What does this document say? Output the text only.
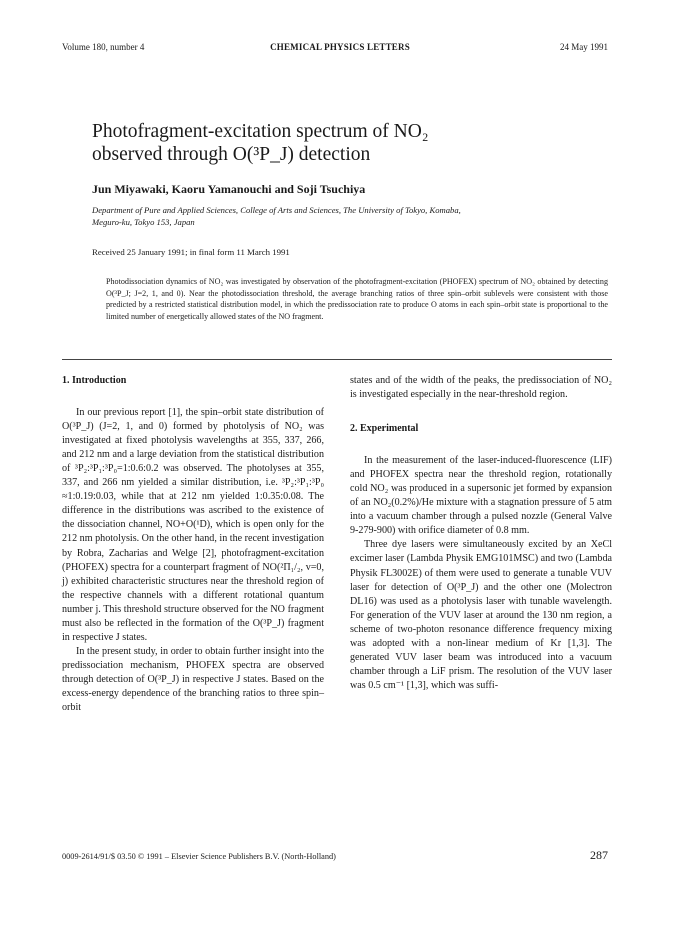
Volume 180, number 4	CHEMICAL PHYSICS LETTERS	24 May 1991
Photofragment-excitation spectrum of NO₂
observed through O(³P_J) detection
Jun Miyawaki, Kaoru Yamanouchi and Soji Tsuchiya
Department of Pure and Applied Sciences, College of Arts and Sciences, The University of Tokyo, Komaba,
Meguro-ku, Tokyo 153, Japan
Received 25 January 1991; in final form 11 March 1991
Photodissociation dynamics of NO₂ was investigated by observation of the photofragment-excitation (PHOFEX) spectrum of NO₂ obtained by detecting O(³P_J; J=2, 1, and 0). Near the photodissociation threshold, the average branching ratios of three spin–orbit sublevels were consistent with those predicted by a restricted statistical distribution model, in which the predissociation rate to produce O atoms in each spin–orbit state is proportional to the limited number of energetically allowed states of the NO fragment.

1. Introduction

In our previous report [1], the spin–orbit state distribution of O(³P_J) (J=2, 1, and 0) formed by photolysis of NO₂ was investigated at fixed photolysis wavelengths at 355, 337, 266, and 212 nm and a large deviation from the statistical distribution of ³P₂:³P₁:³P₀=1:0.6:0.2 was observed. The photolyses at 355, 337, and 266 nm yielded a similar distribution, i.e. ³P₂:³P₁:³P₀ ≈1:0.19:0.03, while that at 212 nm yielded 1:0.35:0.08. The difference in the distributions was ascribed to the existence of the dissociation channel, NO+O(¹D), which is open only for the 212 nm photolysis. On the other hand, in the recent investigation by Robra, Zacharias and Welge [2], photofragment-excitation (PHOFEX) spectra for a counterpart fragment of NO(²Π₁/₂, v=0, j) exhibited characteristic structures near the threshold region of the respective channels with a different rotational quantum number j. This threshold structure observed for the NO fragment must also be reflected in the formation of the O(³P_J) fragment in respective J states.

In the present study, in order to obtain further insight into the predissociation mechanism, PHOFEX spectra are observed through detection of O(³P_J) in respective J states. Based on the excess-energy dependence of the branching ratios to three spin–orbit

states and of the width of the peaks, the predissociation of NO₂ is investigated especially in the near-threshold region.

2. Experimental

In the measurement of the laser-induced-fluorescence (LIF) and PHOFEX spectra near the threshold region, rotationally cold NO₂ was produced in a supersonic jet formed by expansion of an NO₂(0.2%)/He mixture with a stagnation pressure of 5 atm into a vacuum chamber through a pulsed nozzle (General Valve 9-279-900) with orifice diameter of 0.8 mm.

Three dye lasers were simultaneously excited by an XeCl excimer laser (Lambda Physik EMG101MSC) and two (Lambda Physik FL3002E) of them were used to generate a tunable VUV laser for detection of O(³P_J) and the other one (Molectron DL16) was used as a photolysis laser with tunable wavelength. For generation of the VUV laser at around the 130 nm region, a scheme of two-photon resonance difference frequency mixing was adopted with a non-linear medium of Kr [1,3]. The generated VUV laser beam was introduced into a vacuum chamber through a LiF prism. The resolution of the VUV laser was 0.5 cm⁻¹ [1,3], which was suffi-

0009-2614/91/$ 03.50 © 1991 – Elsevier Science Publishers B.V. (North-Holland)	287
